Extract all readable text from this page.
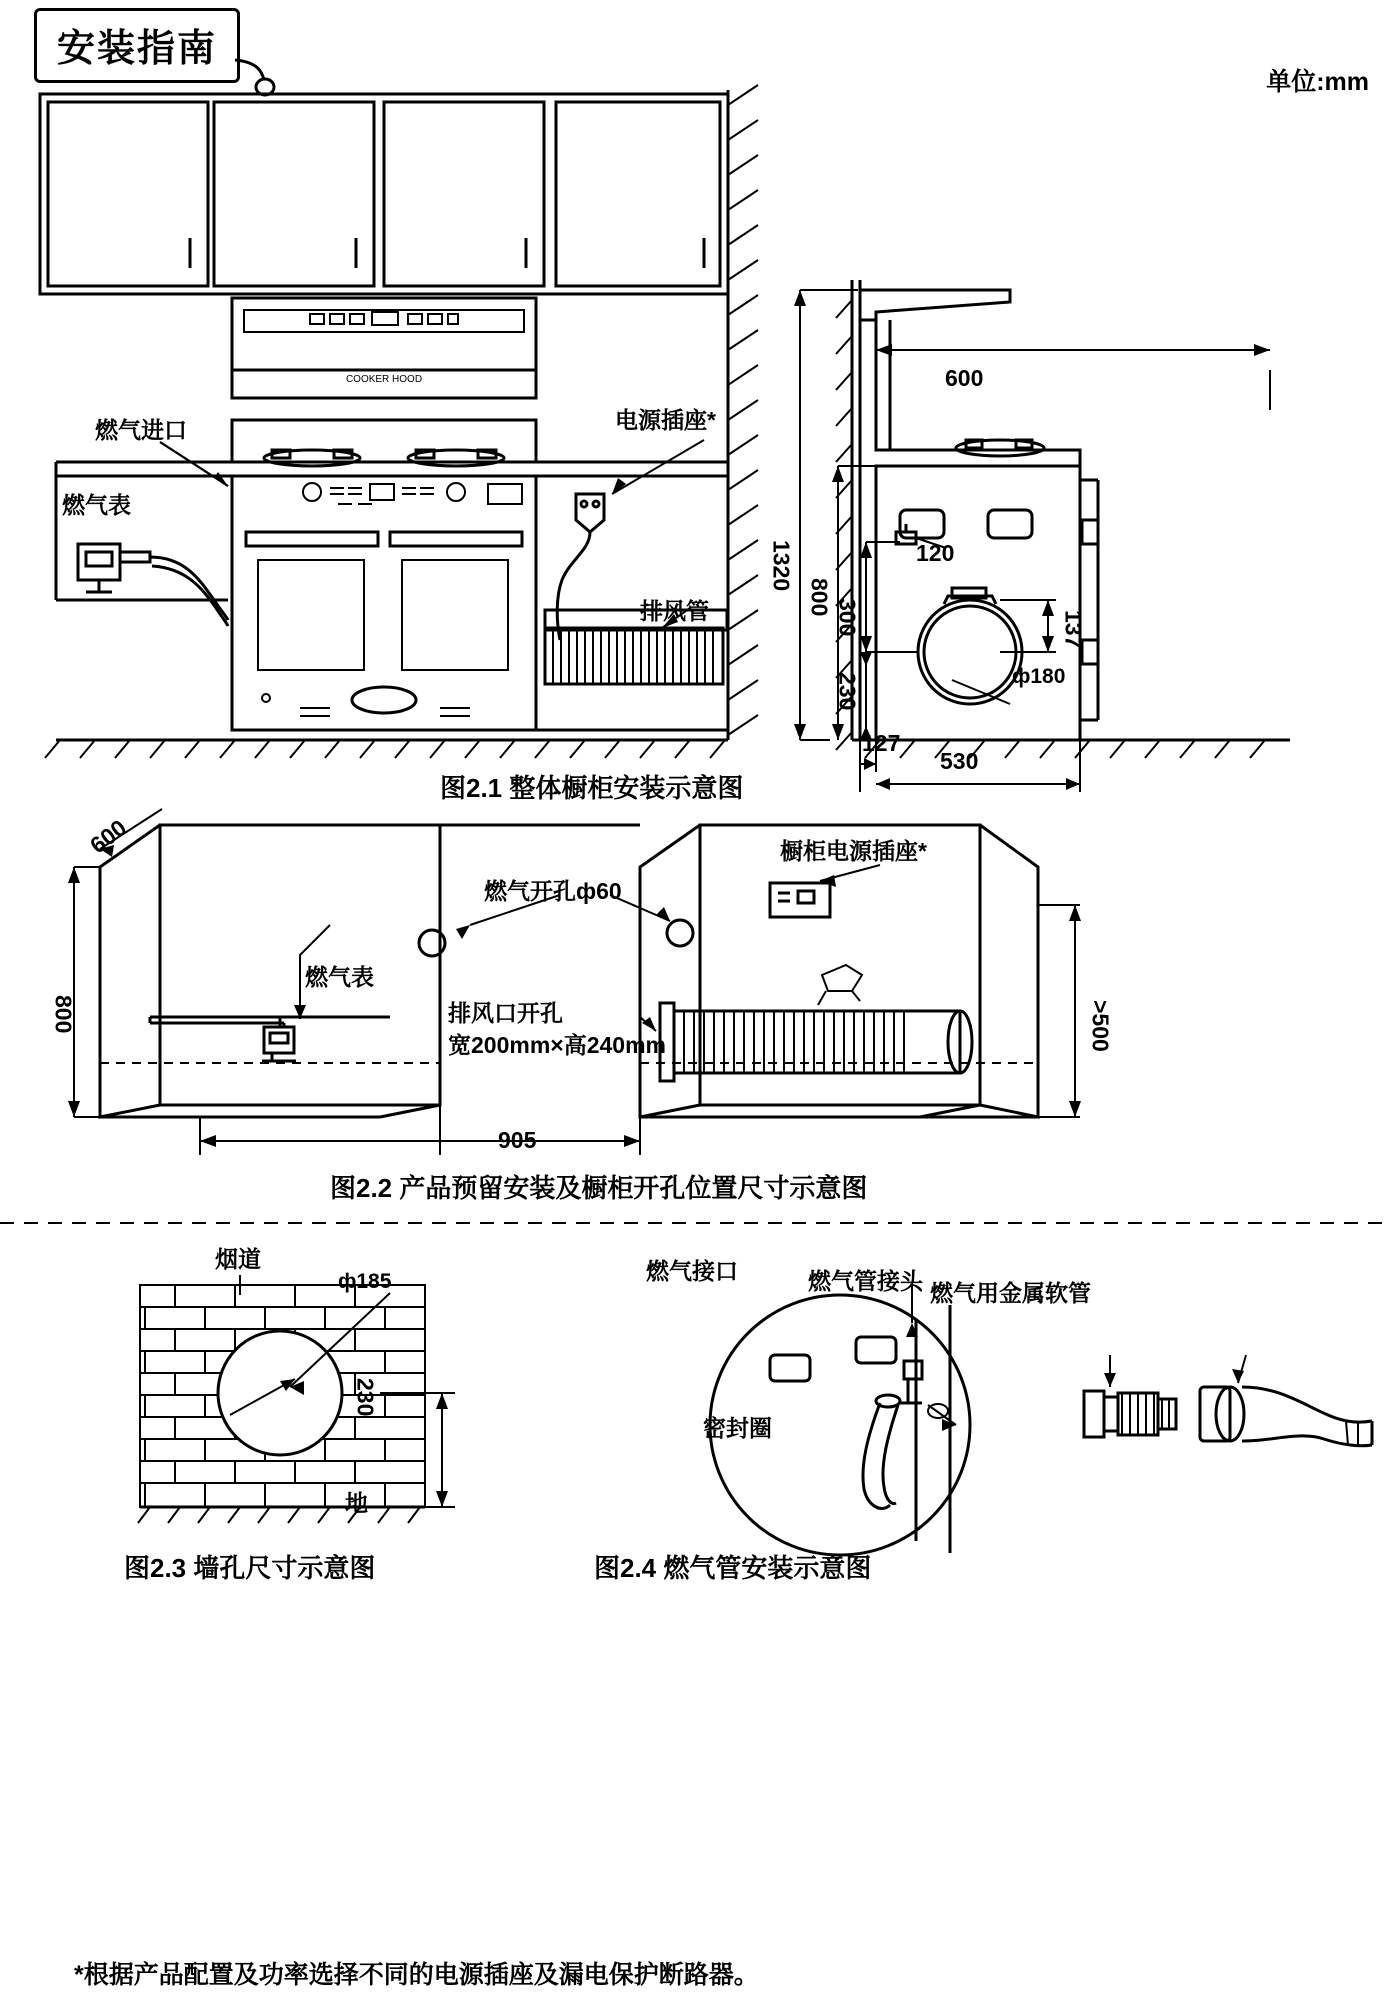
安装指南
单位:mm
COOKER HOOD
燃气进口
燃气表
电源插座*
排风管
600
1320
800
300
230
120
137
ф180
127
530
图2.1 整体橱柜安装示意图
600
800
905
>500
燃气表
燃气开孔ф60
排风口开孔
宽200mm×高240mm
橱柜电源插座*
图2.2 产品预留安装及橱柜开孔位置尺寸示意图
烟道
ф185
230
地
图2.3 墙孔尺寸示意图
燃气接口
密封圈
燃气管接头 燃气用金属软管
图2.4 燃气管安装示意图
*根据产品配置及功率选择不同的电源插座及漏电保护断路器。
